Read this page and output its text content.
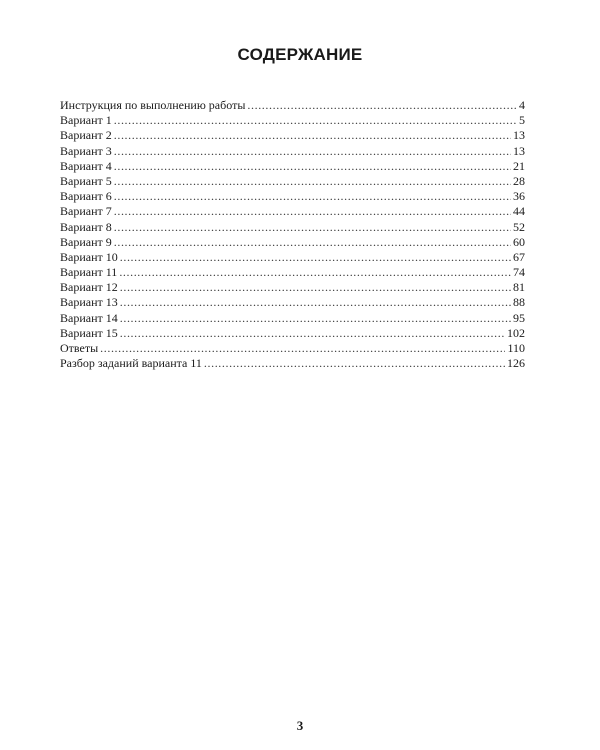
СОДЕРЖАНИЕ
Инструкция по выполнению работы .....	4
Вариант 1 .....	5
Вариант 2 .....	13
Вариант 3 .....	13
Вариант 4 .....	21
Вариант 5 .....	28
Вариант 6 .....	36
Вариант 7 .....	44
Вариант 8 .....	52
Вариант 9 .....	60
Вариант 10 .....	67
Вариант 11 .....	74
Вариант 12 .....	81
Вариант 13 .....	88
Вариант 14 .....	95
Вариант 15 .....	102
Ответы .....	110
Разбор заданий варианта 11 .....	126
3
